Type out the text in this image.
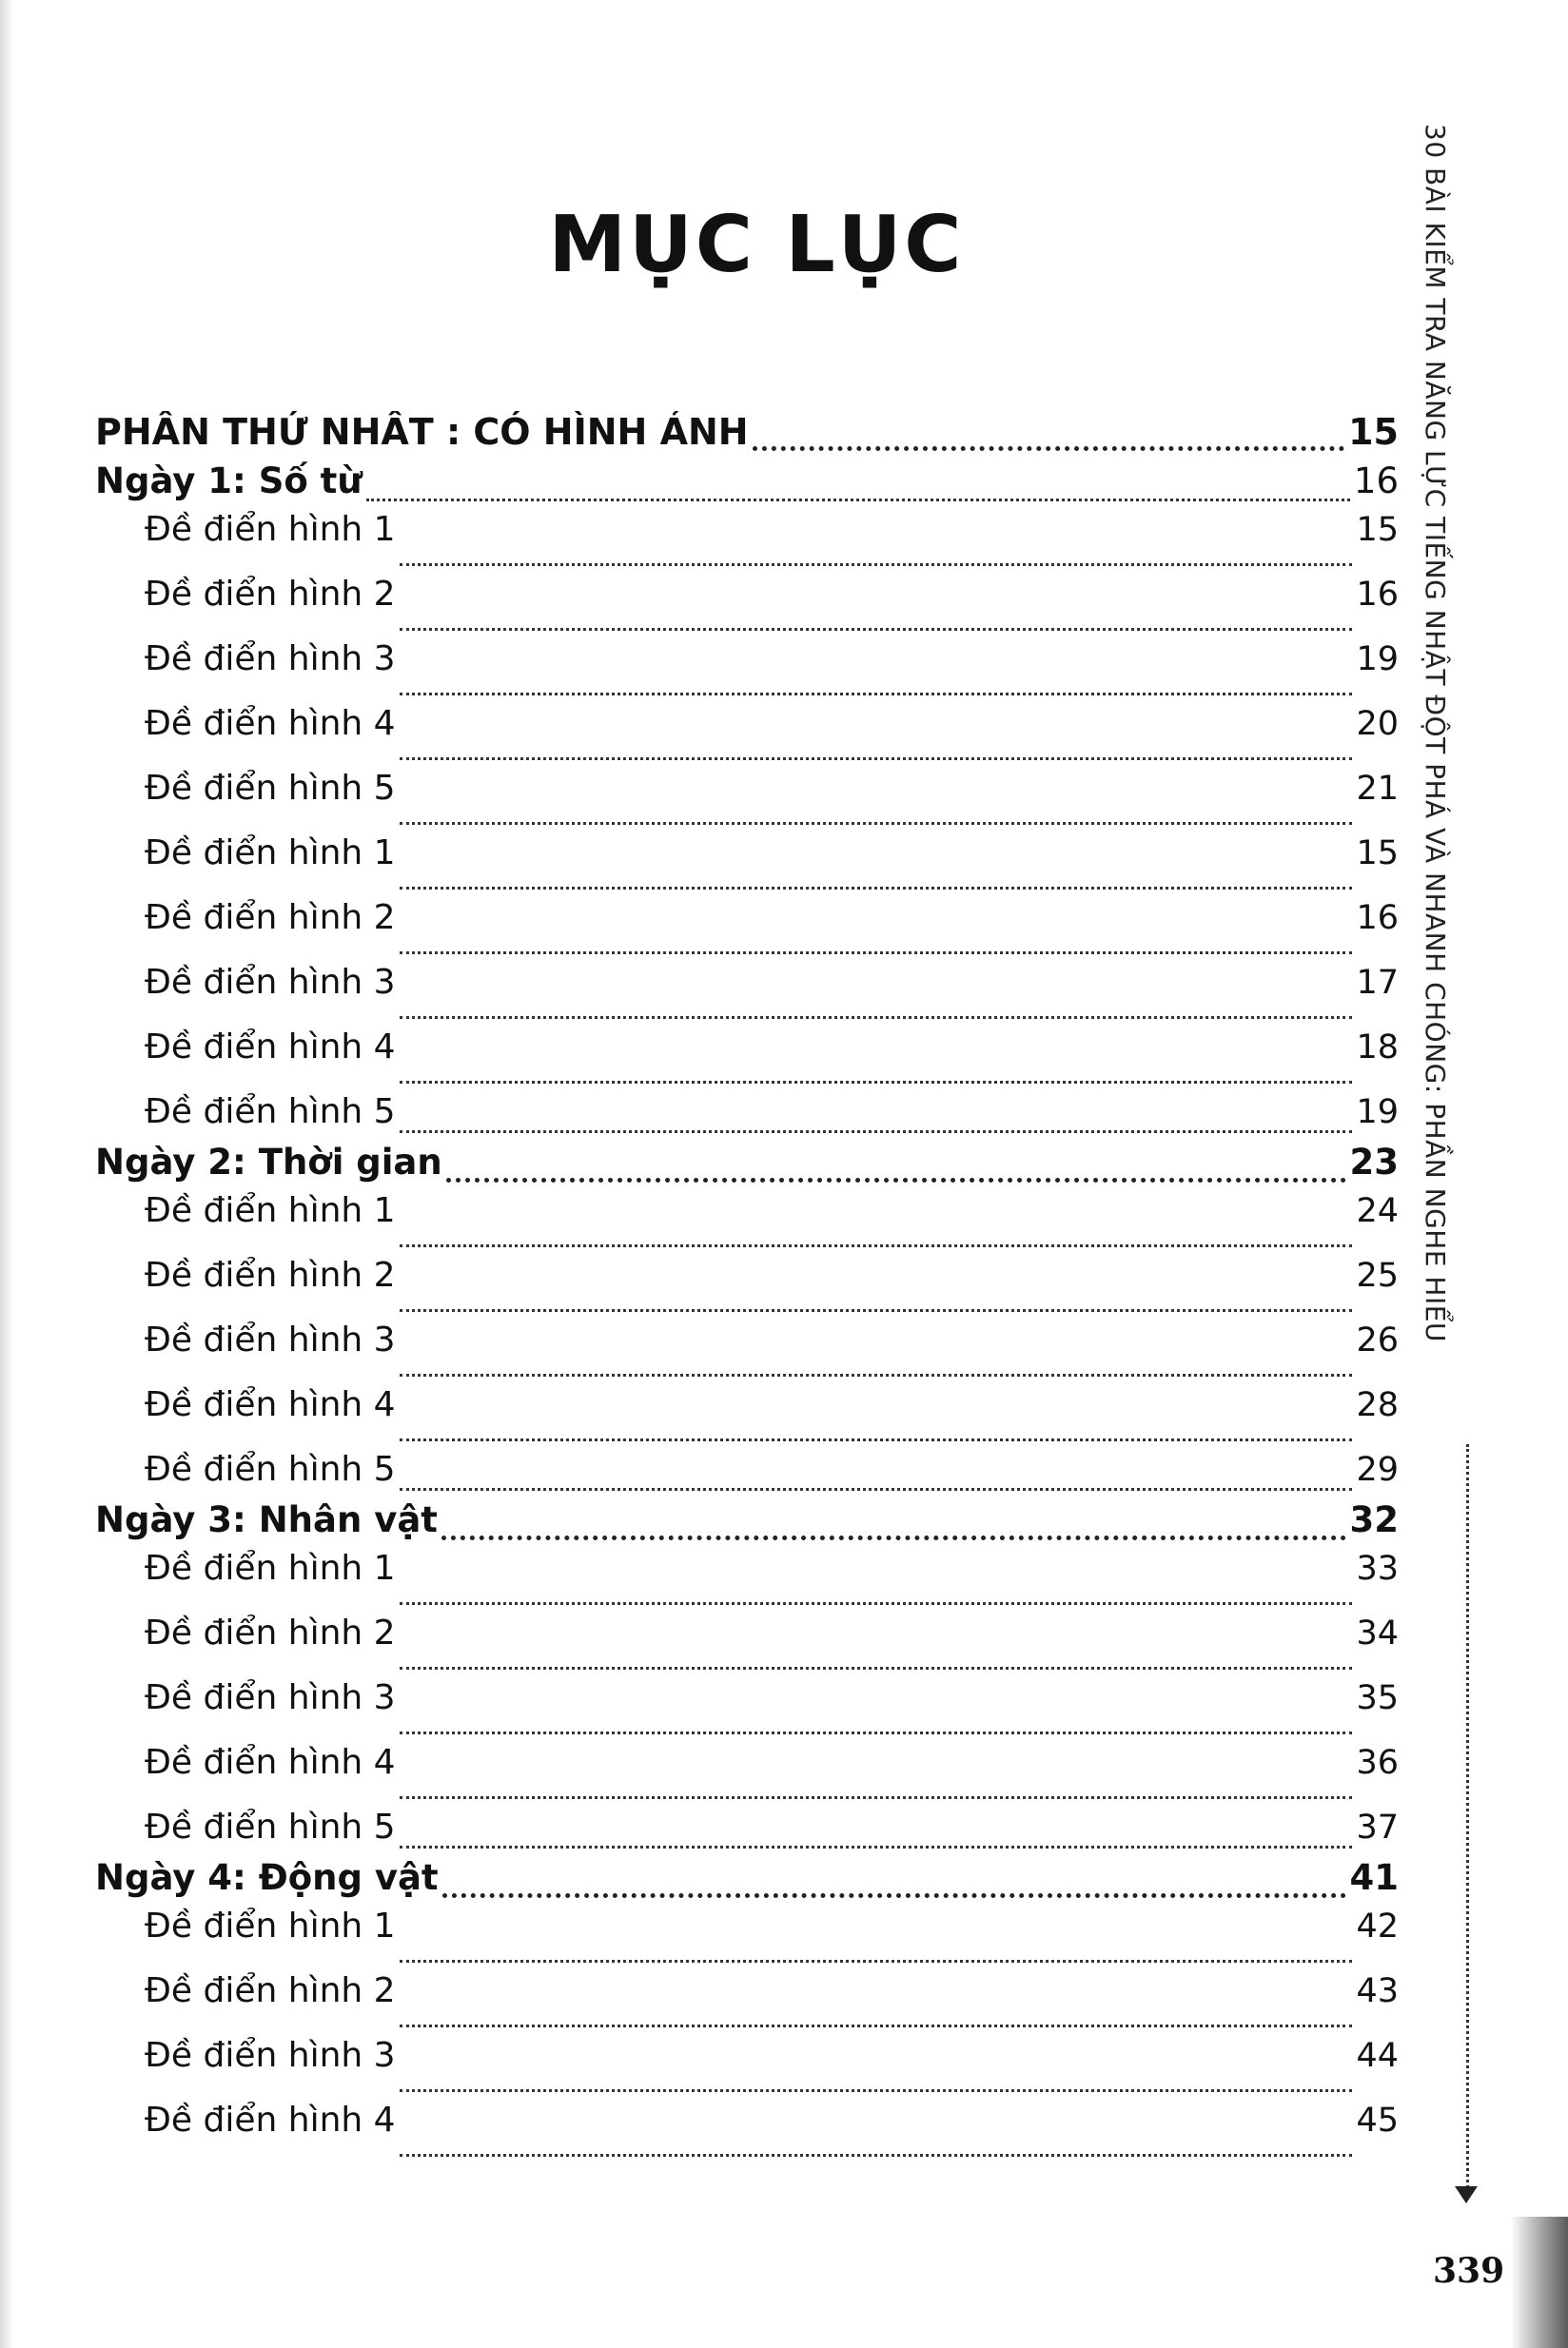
MỤC LỤC
PHẦN THỨ NHẤT : CÓ HÌNH ẢNH	15
Ngày 1: Số từ	16
Đề điển hình 1	15
Đề điển hình 2	16
Đề điển hình 3	19
Đề điển hình 4	20
Đề điển hình 5	21
Đề điển hình 1	15
Đề điển hình 2	16
Đề điển hình 3	17
Đề điển hình 4	18
Đề điển hình 5	19
Ngày 2: Thời gian	23
Đề điển hình 1	24
Đề điển hình 2	25
Đề điển hình 3	26
Đề điển hình 4	28
Đề điển hình 5	29
Ngày 3: Nhân vật	32
Đề điển hình 1	33
Đề điển hình 2	34
Đề điển hình 3	35
Đề điển hình 4	36
Đề điển hình 5	37
Ngày 4: Động vật	41
Đề điển hình 1	42
Đề điển hình 2	43
Đề điển hình 3	44
Đề điển hình 4	45
30 BÀI KIỂM TRA NĂNG LỰC TIẾNG NHẬT ĐỘT PHÁ VÀ NHANH CHÓNG: PHẦN NGHE HIỂU
339
